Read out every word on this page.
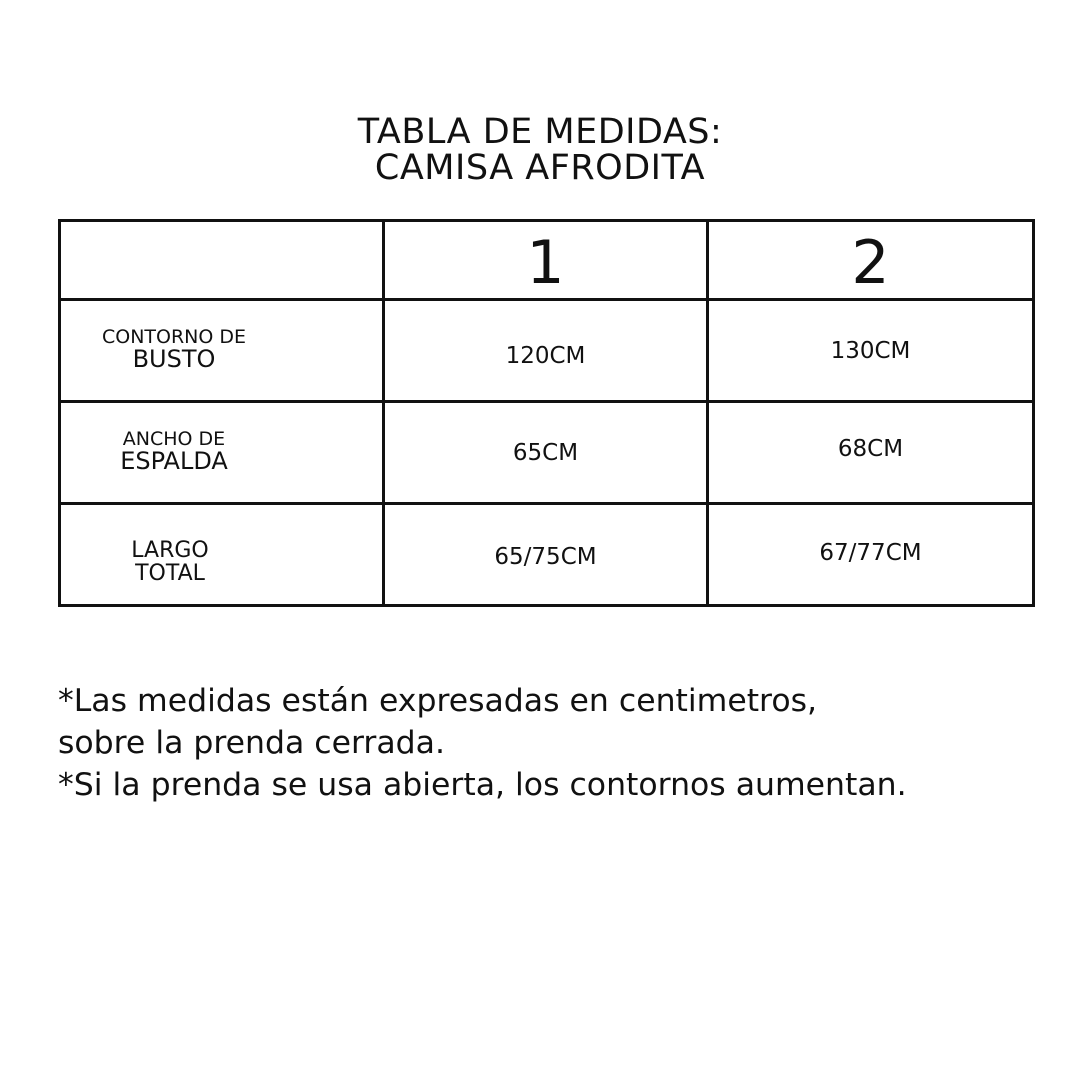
TABLA DE MEDIDAS:
CAMISA AFRODITA
	1	2

CONTORNO DE
BUSTO	120CM	130CM

ANCHO DE
ESPALDA	65CM	68CM

LARGO
TOTAL	65/75CM	67/77CM
*Las medidas están expresadas en centimetros,
sobre la prenda cerrada.
*Si la prenda se usa abierta, los contornos aumentan.
